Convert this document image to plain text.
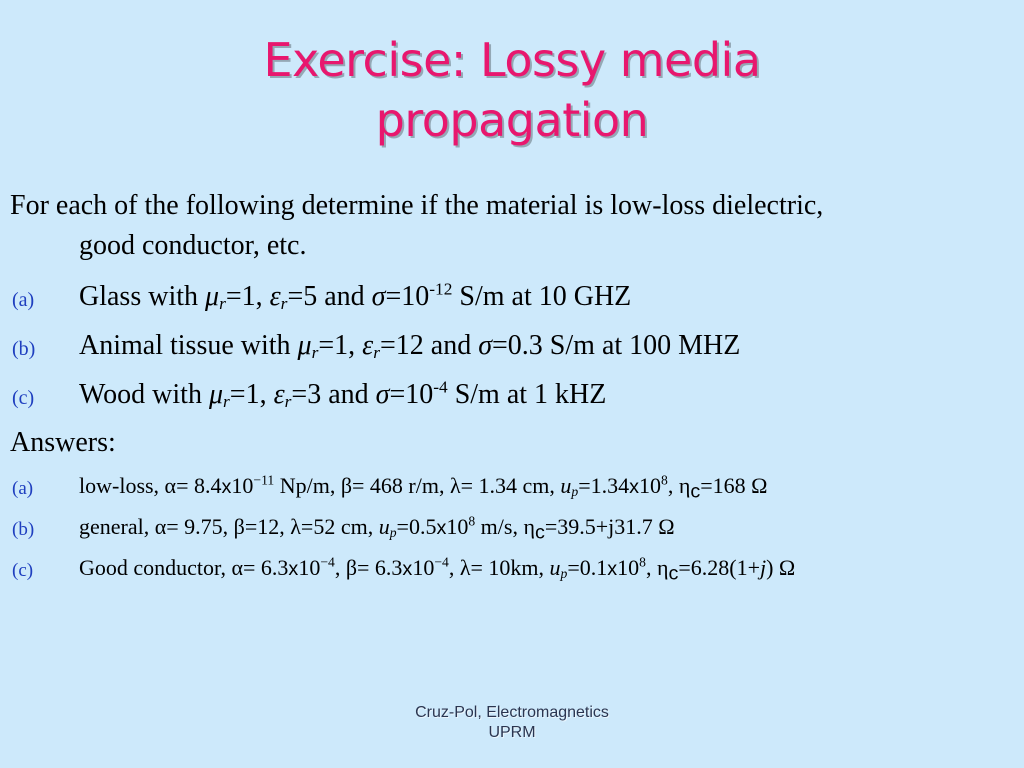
Exercise: Lossy media
propagation
For each of the following determine if the material is low-loss dielectric,
good conductor, etc.
(a) Glass with $\mu_r=1$, $\varepsilon_r=5$ and $\sigma=10^{-12}$ S/m at 10 GHZ
(b) Animal tissue with $\mu_r=1$, $\varepsilon_r=12$ and σ=0.3 S/m at 100 MHZ
(c) Wood with $\mu_r=1$, $\varepsilon_r=3$ and $\sigma=10^{-4}$ S/m at 1 kHZ
Answers:
(a) low-loss, $\alpha= 8.4x10^{-11}$ Np/m, β= 468 r/m, λ= 1.34 cm, $u_p=1.34x10^8$, ηc=168 Ω
(b) general, α= 9.75, β=12, λ=52 cm, $u_p=0.5x10^8$ m/s, ηc=39.5+j31.7 Ω
(c) Good conductor, $\alpha= 6.3x10^{-4}$, $\beta= 6.3x10^{-4}$, λ= 10km, $u_p=0.1x10^8$, ηc=6.28(1+j) Ω
Cruz-Pol, Electromagnetics
UPRM
